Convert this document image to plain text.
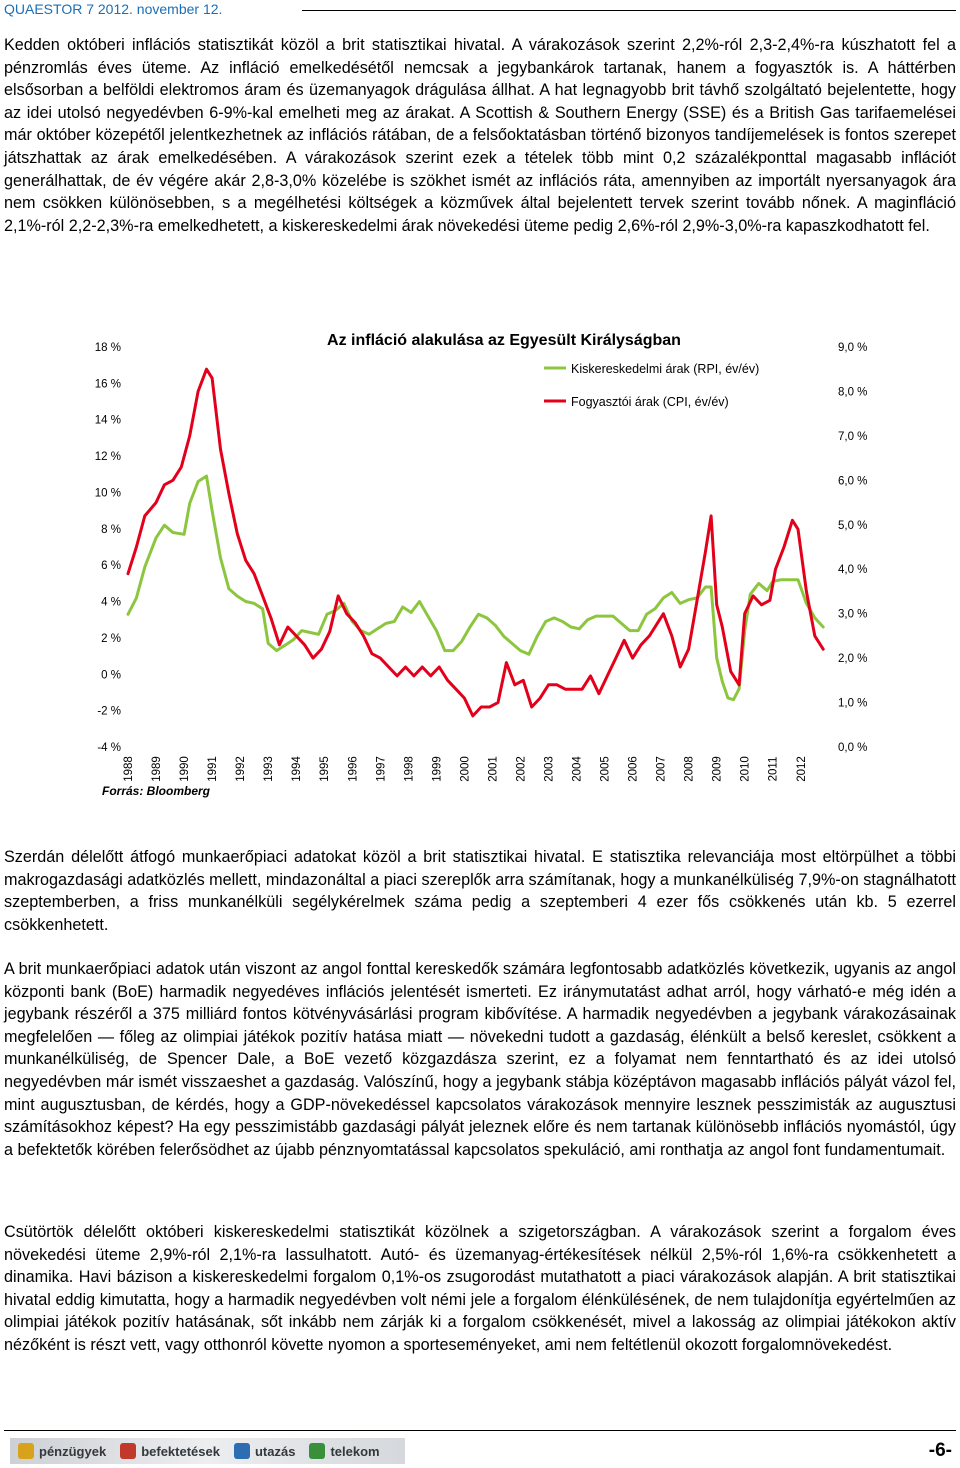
QUAESTOR 7 2012. november 12.

Kedden októberi inflációs statisztikát közöl a brit statisztikai hivatal. A várakozások szerint 2,2%-ról 2,3-2,4%-ra kúszhatott fel a pénzromlás éves üteme. Az infláció emelkedésétől nemcsak a jegybankárok tartanak, hanem a fogyasztók is. A háttérben elsősorban a belföldi elektromos áram és üzemanyagok drágulása állhat. A hat legnagyobb brit távhő szolgáltató bejelentette, hogy az idei utolsó negyedévben 6-9%-kal emelheti meg az árakat. A Scottish & Southern Energy (SSE) és a British Gas tarifaemelései már október közepétől jelentkezhetnek az inflációs rátában, de a felsőoktatásban történő bizonyos tandíjemelések is fontos szerepet játszhattak az árak emelkedésében. A várakozások szerint ezek a tételek több mint 0,2 százalékponttal magasabb inflációt generálhattak, de év végére akár 2,8-3,0% közelébe is szökhet ismét az inflációs ráta, amennyiben az importált nyersanyagok ára nem csökken különösebben, s a megélhetési költségek a közművek által bejelentett tervek szerint tovább nőnek. A maginfláció 2,1%-ról 2,2-2,3%-ra emelkedhetett, a kiskereskedelmi árak növekedési üteme pedig 2,6%-ról 2,9%-3,0%-ra kapaszkodhatott fel.

Az infláció alakulása az Egyesült Királyságban
18 %
16 %
14 %
12 %
10 %
8 %
6 %
4 %
2 %
0 %
-2 %
-4 %
9,0 %
8,0 %
7,0 %
6,0 %
5,0 %
4,0 %
3,0 %
2,0 %
1,0 %
0,0 %
1988 1989 1990 1991 1992 1993 1994 1995 1996 1997 1998 1999 2000 2001 2002 2003 2004 2005 2006 2007 2008 2009 2010 2011 2012
Kiskereskedelmi árak (RPI, év/év)
Fogyasztói árak (CPI, év/év)
Forrás: Bloomberg

Szerdán délelőtt átfogó munkaerőpiaci adatokat közöl a brit statisztikai hivatal. E statisztika relevanciája most eltörpülhet a többi makrogazdasági adatközlés mellett, mindazonáltal a piaci szereplők arra számítanak, hogy a munkanélküliség 7,9%-on stagnálhatott szeptemberben, a friss munkanélküli segélykérelmek száma pedig a szeptemberi 4 ezer fős csökkenés után kb. 5 ezerrel csökkenhetett.

A brit munkaerőpiaci adatok után viszont az angol fonttal kereskedők számára legfontosabb adatközlés következik, ugyanis az angol központi bank (BoE) harmadik negyedéves inflációs jelentését ismerteti. Ez iránymutatást adhat arról, hogy várható-e még idén a jegybank részéről a 375 milliárd fontos kötvényvásárlási program kibővítése. A harmadik negyedévben a jegybank várakozásainak megfelelően — főleg az olimpiai játékok pozitív hatása miatt — növekedni tudott a gazdaság, élénkült a belső kereslet, csökkent a munkanélküliség, de Spencer Dale, a BoE vezető közgazdásza szerint, ez a folyamat nem fenntartható és az idei utolsó negyedévben már ismét visszaeshet a gazdaság. Valószínű, hogy a jegybank stábja középtávon magasabb inflációs pályát vázol fel, mint augusztusban, de kérdés, hogy a GDP-növekedéssel kapcsolatos várakozások mennyire lesznek pesszimisták az augusztusi számításokhoz képest? Ha egy pesszimistább gazdasági pályát jeleznek előre és nem tartanak különösebb inflációs nyomástól, úgy a befektetők körében felerősödhet az újabb pénznyomtatással kapcsolatos spekuláció, ami ronthatja az angol font fundamentumait.

Csütörtök délelőtt októberi kiskereskedelmi statisztikát közölnek a szigetországban. A várakozások szerint a forgalom éves növekedési üteme 2,9%-ról 2,1%-ra lassulhatott. Autó- és üzemanyag-értékesítések nélkül 2,5%-ról 1,6%-ra csökkenhetett a dinamika. Havi bázison a kiskereskedelmi forgalom 0,1%-os zsugorodást mutathatott a piaci várakozások alapján. A brit statisztikai hivatal eddig kimutatta, hogy a harmadik negyedévben volt némi jele a forgalom élénkülésének, de nem tulajdonítja egyértelműen az olimpiai játékok pozitív hatásának, sőt inkább nem zárják ki a forgalom csökkenését, mivel a lakosság az olimpiai játékokon aktív nézőként is részt vett, vagy otthonról követte nyomon a sporteseményeket, ami nem feltétlenül okozott forgalomnövekedést.

pénzügyek	befektetések	utazás	telekom	-6-
